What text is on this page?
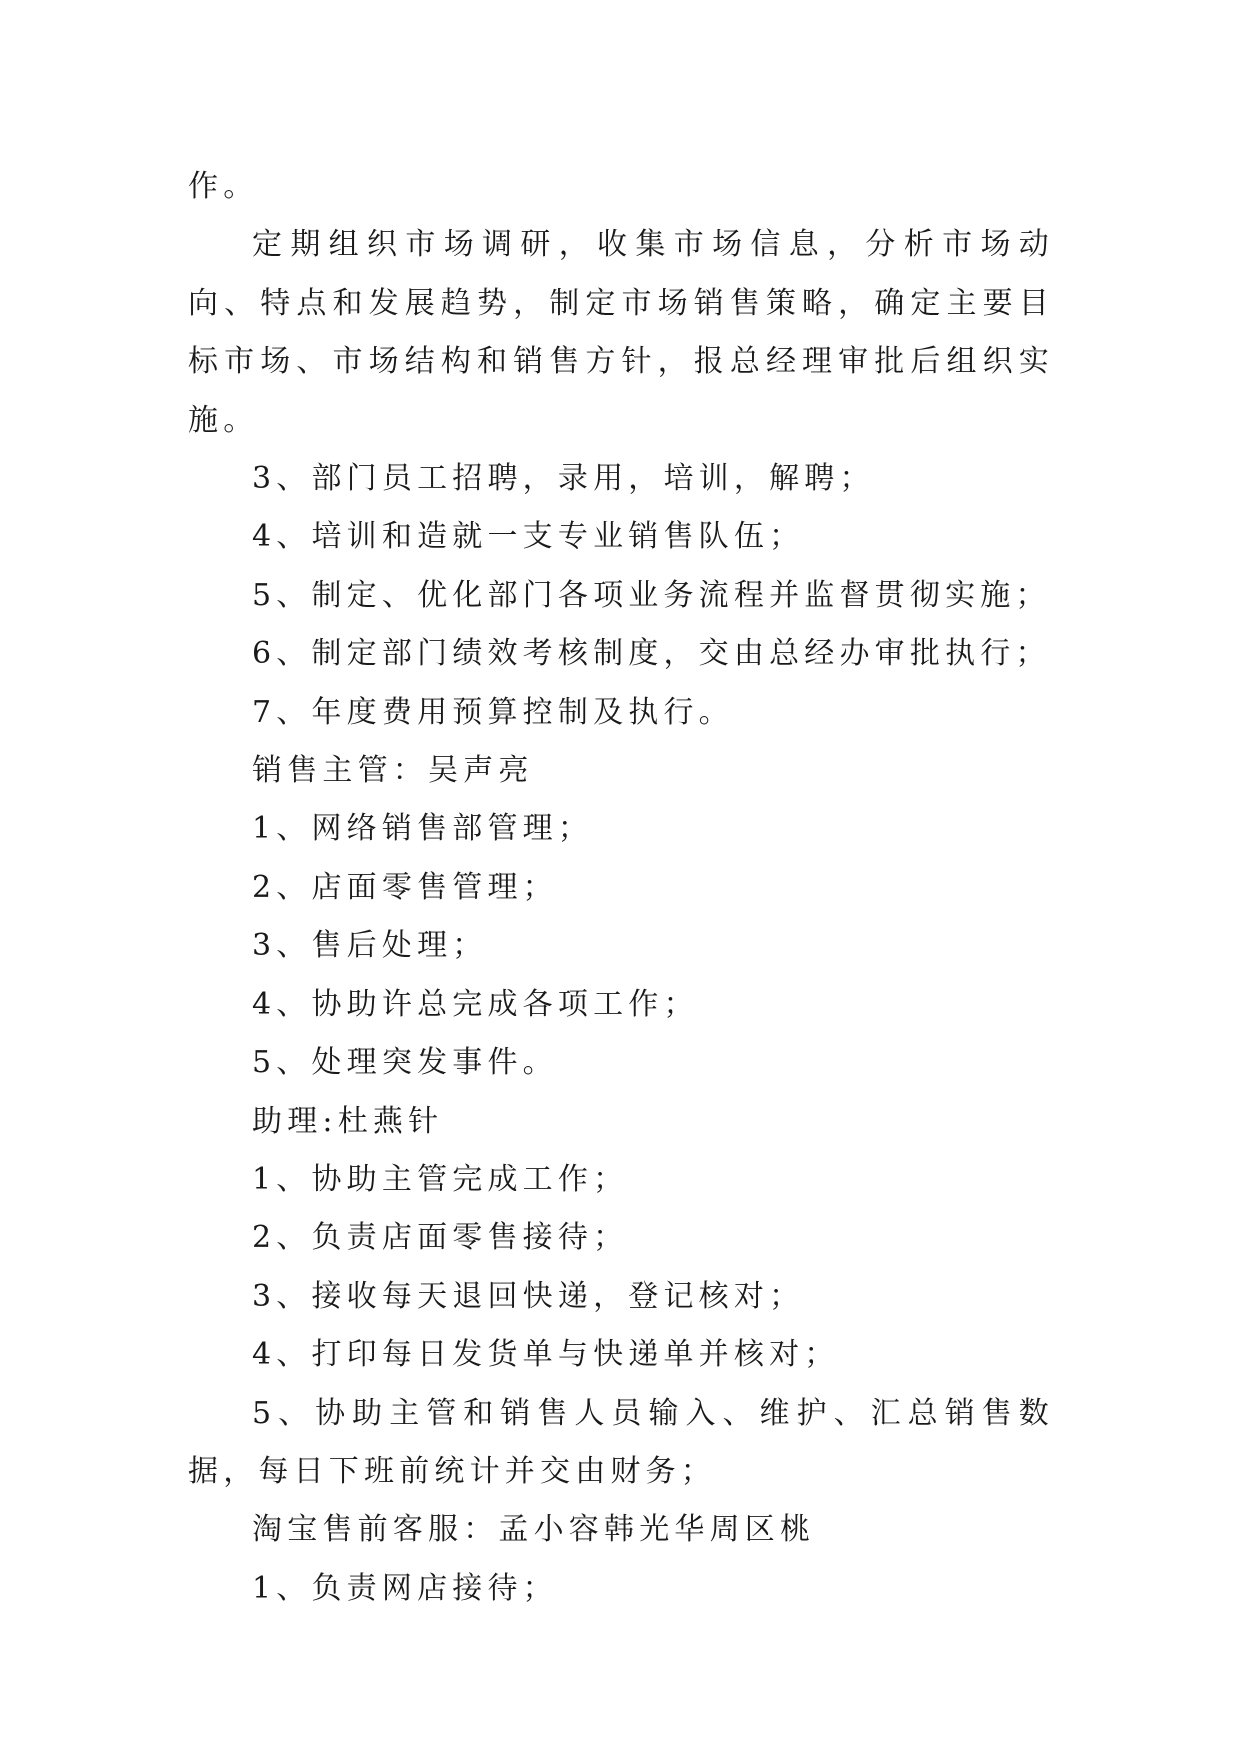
作。

定期组织市场调研，收集市场信息，分析市场动向、特点和发展趋势，制定市场销售策略，确定主要目标市场、市场结构和销售方针，报总经理审批后组织实施。

3、部门员工招聘，录用，培训，解聘；

4、培训和造就一支专业销售队伍；

5、制定、优化部门各项业务流程并监督贯彻实施；

6、制定部门绩效考核制度，交由总经办审批执行；

7、年度费用预算控制及执行。

销售主管：吴声亮

1、网络销售部管理；

2、店面零售管理；

3、售后处理；

4、协助许总完成各项工作；

5、处理突发事件。

助理:杜燕针

1、协助主管完成工作；

2、负责店面零售接待；

3、接收每天退回快递，登记核对；

4、打印每日发货单与快递单并核对；

5、协助主管和销售人员输入、维护、汇总销售数据，每日下班前统计并交由财务；

淘宝售前客服：孟小容韩光华周区桃

1、负责网店接待；
